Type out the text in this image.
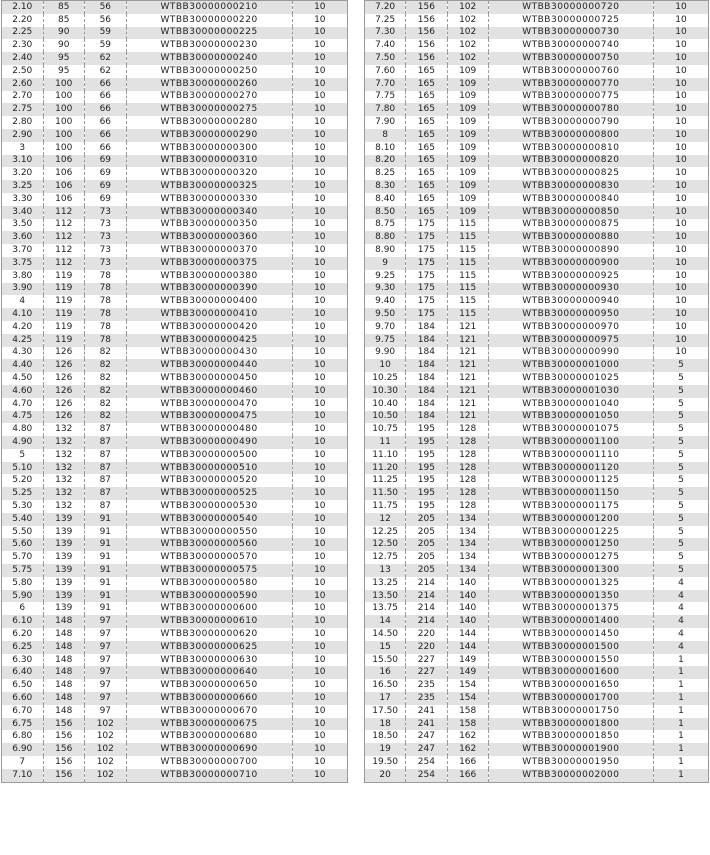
2.10	85	56	WTBB30000000210	10
2.20	85	56	WTBB30000000220	10
2.25	90	59	WTBB30000000225	10
2.30	90	59	WTBB30000000230	10
2.40	95	62	WTBB30000000240	10
2.50	95	62	WTBB30000000250	10
2.60	100	66	WTBB30000000260	10
2.70	100	66	WTBB30000000270	10
2.75	100	66	WTBB30000000275	10
2.80	100	66	WTBB30000000280	10
2.90	100	66	WTBB30000000290	10
3	100	66	WTBB30000000300	10
3.10	106	69	WTBB30000000310	10
3.20	106	69	WTBB30000000320	10
3.25	106	69	WTBB30000000325	10
3.30	106	69	WTBB30000000330	10
3.40	112	73	WTBB30000000340	10
3.50	112	73	WTBB30000000350	10
3.60	112	73	WTBB30000000360	10
3.70	112	73	WTBB30000000370	10
3.75	112	73	WTBB30000000375	10
3.80	119	78	WTBB30000000380	10
3.90	119	78	WTBB30000000390	10
4	119	78	WTBB30000000400	10
4.10	119	78	WTBB30000000410	10
4.20	119	78	WTBB30000000420	10
4.25	119	78	WTBB30000000425	10
4.30	126	82	WTBB30000000430	10
4.40	126	82	WTBB30000000440	10
4.50	126	82	WTBB30000000450	10
4.60	126	82	WTBB30000000460	10
4.70	126	82	WTBB30000000470	10
4.75	126	82	WTBB30000000475	10
4.80	132	87	WTBB30000000480	10
4.90	132	87	WTBB30000000490	10
5	132	87	WTBB30000000500	10
5.10	132	87	WTBB30000000510	10
5.20	132	87	WTBB30000000520	10
5.25	132	87	WTBB30000000525	10
5.30	132	87	WTBB30000000530	10
5.40	139	91	WTBB30000000540	10
5.50	139	91	WTBB30000000550	10
5.60	139	91	WTBB30000000560	10
5.70	139	91	WTBB30000000570	10
5.75	139	91	WTBB30000000575	10
5.80	139	91	WTBB30000000580	10
5.90	139	91	WTBB30000000590	10
6	139	91	WTBB30000000600	10
6.10	148	97	WTBB30000000610	10
6.20	148	97	WTBB30000000620	10
6.25	148	97	WTBB30000000625	10
6.30	148	97	WTBB30000000630	10
6.40	148	97	WTBB30000000640	10
6.50	148	97	WTBB30000000650	10
6.60	148	97	WTBB30000000660	10
6.70	148	97	WTBB30000000670	10
6.75	156	102	WTBB30000000675	10
6.80	156	102	WTBB30000000680	10
6.90	156	102	WTBB30000000690	10
7	156	102	WTBB30000000700	10
7.10	156	102	WTBB30000000710	10
7.20	156	102	WTBB30000000720	10
7.25	156	102	WTBB30000000725	10
7.30	156	102	WTBB30000000730	10
7.40	156	102	WTBB30000000740	10
7.50	156	102	WTBB30000000750	10
7.60	165	109	WTBB30000000760	10
7.70	165	109	WTBB30000000770	10
7.75	165	109	WTBB30000000775	10
7.80	165	109	WTBB30000000780	10
7.90	165	109	WTBB30000000790	10
8	165	109	WTBB30000000800	10
8.10	165	109	WTBB30000000810	10
8.20	165	109	WTBB30000000820	10
8.25	165	109	WTBB30000000825	10
8.30	165	109	WTBB30000000830	10
8.40	165	109	WTBB30000000840	10
8.50	165	109	WTBB30000000850	10
8.75	175	115	WTBB30000000875	10
8.80	175	115	WTBB30000000880	10
8.90	175	115	WTBB30000000890	10
9	175	115	WTBB30000000900	10
9.25	175	115	WTBB30000000925	10
9.30	175	115	WTBB30000000930	10
9.40	175	115	WTBB30000000940	10
9.50	175	115	WTBB30000000950	10
9.70	184	121	WTBB30000000970	10
9.75	184	121	WTBB30000000975	10
9.90	184	121	WTBB30000000990	10
10	184	121	WTBB30000001000	5
10.25	184	121	WTBB30000001025	5
10.30	184	121	WTBB30000001030	5
10.40	184	121	WTBB30000001040	5
10.50	184	121	WTBB30000001050	5
10.75	195	128	WTBB30000001075	5
11	195	128	WTBB30000001100	5
11.10	195	128	WTBB30000001110	5
11.20	195	128	WTBB30000001120	5
11.25	195	128	WTBB30000001125	5
11.50	195	128	WTBB30000001150	5
11.75	195	128	WTBB30000001175	5
12	205	134	WTBB30000001200	5
12.25	205	134	WTBB30000001225	5
12.50	205	134	WTBB30000001250	5
12.75	205	134	WTBB30000001275	5
13	205	134	WTBB30000001300	5
13.25	214	140	WTBB30000001325	4
13.50	214	140	WTBB30000001350	4
13.75	214	140	WTBB30000001375	4
14	214	140	WTBB30000001400	4
14.50	220	144	WTBB30000001450	4
15	220	144	WTBB30000001500	4
15.50	227	149	WTBB30000001550	1
16	227	149	WTBB30000001600	1
16.50	235	154	WTBB30000001650	1
17	235	154	WTBB30000001700	1
17.50	241	158	WTBB30000001750	1
18	241	158	WTBB30000001800	1
18.50	247	162	WTBB30000001850	1
19	247	162	WTBB30000001900	1
19.50	254	166	WTBB30000001950	1
20	254	166	WTBB30000002000	1
